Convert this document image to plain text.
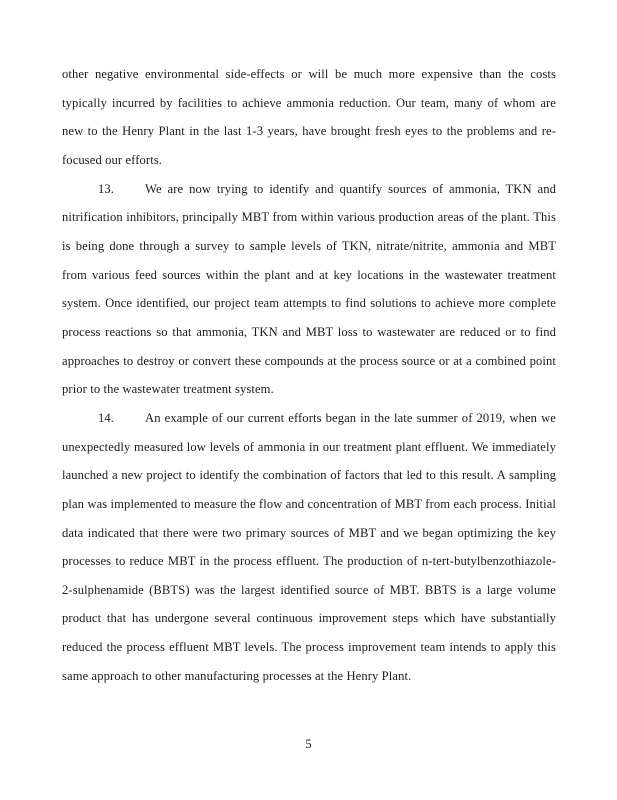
other negative environmental side-effects or will be much more expensive than the costs typically incurred by facilities to achieve ammonia reduction. Our team, many of whom are new to the Henry Plant in the last 1-3 years, have brought fresh eyes to the problems and re-focused our efforts.

13. We are now trying to identify and quantify sources of ammonia, TKN and nitrification inhibitors, principally MBT from within various production areas of the plant. This is being done through a survey to sample levels of TKN, nitrate/nitrite, ammonia and MBT from various feed sources within the plant and at key locations in the wastewater treatment system. Once identified, our project team attempts to find solutions to achieve more complete process reactions so that ammonia, TKN and MBT loss to wastewater are reduced or to find approaches to destroy or convert these compounds at the process source or at a combined point prior to the wastewater treatment system.

14. An example of our current efforts began in the late summer of 2019, when we unexpectedly measured low levels of ammonia in our treatment plant effluent. We immediately launched a new project to identify the combination of factors that led to this result. A sampling plan was implemented to measure the flow and concentration of MBT from each process. Initial data indicated that there were two primary sources of MBT and we began optimizing the key processes to reduce MBT in the process effluent. The production of n-tert-butylbenzothiazole-2-sulphenamide (BBTS) was the largest identified source of MBT. BBTS is a large volume product that has undergone several continuous improvement steps which have substantially reduced the process effluent MBT levels. The process improvement team intends to apply this same approach to other manufacturing processes at the Henry Plant.

5
